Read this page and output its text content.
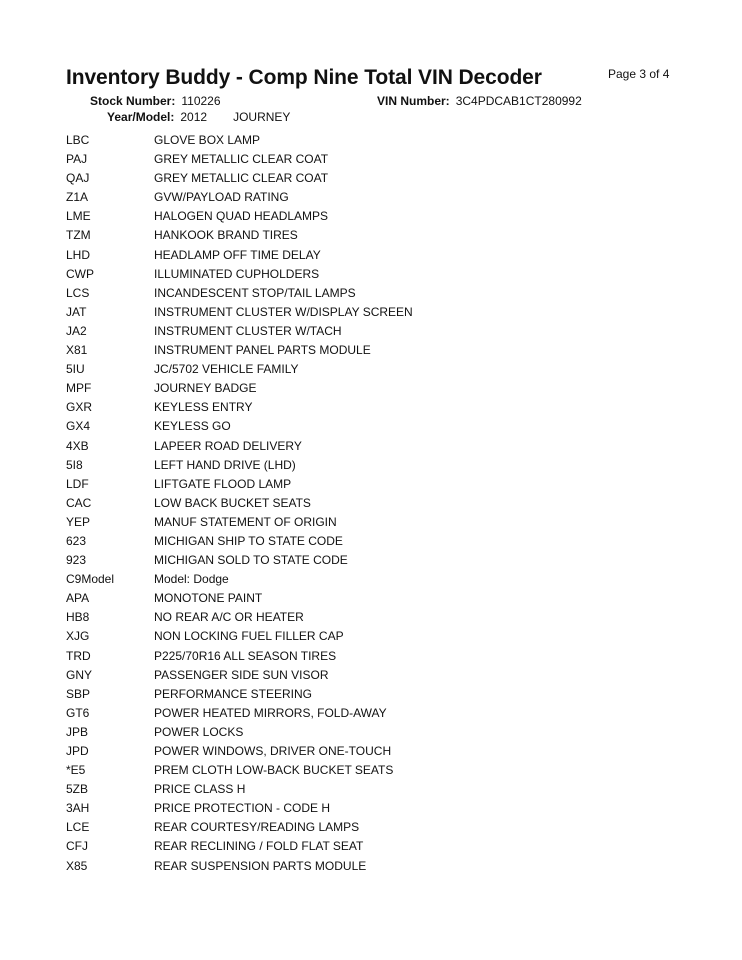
Inventory Buddy - Comp Nine Total VIN Decoder	Page 3 of 4
Stock Number: 110226	VIN Number: 3C4PDCAB1CT280992
Year/Model: 2012 JOURNEY
LBC	GLOVE BOX LAMP
PAJ	GREY METALLIC CLEAR COAT
QAJ	GREY METALLIC CLEAR COAT
Z1A	GVW/PAYLOAD RATING
LME	HALOGEN QUAD HEADLAMPS
TZM	HANKOOK BRAND TIRES
LHD	HEADLAMP OFF TIME DELAY
CWP	ILLUMINATED CUPHOLDERS
LCS	INCANDESCENT STOP/TAIL LAMPS
JAT	INSTRUMENT CLUSTER W/DISPLAY SCREEN
JA2	INSTRUMENT CLUSTER W/TACH
X81	INSTRUMENT PANEL PARTS MODULE
5IU	JC/5702 VEHICLE FAMILY
MPF	JOURNEY BADGE
GXR	KEYLESS ENTRY
GX4	KEYLESS GO
4XB	LAPEER ROAD DELIVERY
5I8	LEFT HAND DRIVE (LHD)
LDF	LIFTGATE FLOOD LAMP
CAC	LOW BACK BUCKET SEATS
YEP	MANUF STATEMENT OF ORIGIN
623	MICHIGAN SHIP TO STATE CODE
923	MICHIGAN SOLD TO STATE CODE
C9Model	Model: Dodge
APA	MONOTONE PAINT
HB8	NO REAR A/C OR HEATER
XJG	NON LOCKING FUEL FILLER CAP
TRD	P225/70R16 ALL SEASON TIRES
GNY	PASSENGER SIDE SUN VISOR
SBP	PERFORMANCE STEERING
GT6	POWER HEATED MIRRORS, FOLD-AWAY
JPB	POWER LOCKS
JPD	POWER WINDOWS, DRIVER ONE-TOUCH
*E5	PREM CLOTH LOW-BACK BUCKET SEATS
5ZB	PRICE CLASS H
3AH	PRICE PROTECTION - CODE H
LCE	REAR COURTESY/READING LAMPS
CFJ	REAR RECLINING / FOLD FLAT SEAT
X85	REAR SUSPENSION PARTS MODULE
